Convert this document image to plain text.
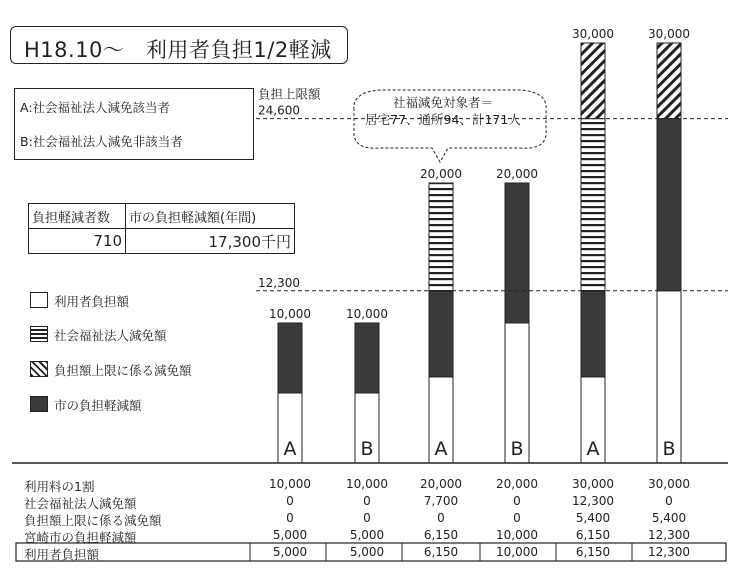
H18.10～　利用者負担1/2軽減
A:社会福祉法人減免該当者
B:社会福祉法人減免非該当者
負担軽減者数	市の負担軽減額(年間)
710	17,300千円
利用者負担額
社会福祉法人減免額
負担額上限に係る減免額
市の負担軽減額
10,000
A
10,000
B
20,000
A
20,000
B
30,000
A
30,000
B
24,600
負担上限額
12,300
社福減免対象者＝
居宅77、通所94、計171人
利用料の1割	10,000	10,000	20,000	20,000	30,000	30,000
社会福祉法人減免額	0	0	7,700	0	12,300	0
負担額上限に係る減免額	0	0	0	0	5,400	5,400
宮崎市の負担軽減額	5,000	5,000	6,150	10,000	6,150	12,300
利用者負担額	5,000	5,000	6,150	10,000	6,150	12,300
